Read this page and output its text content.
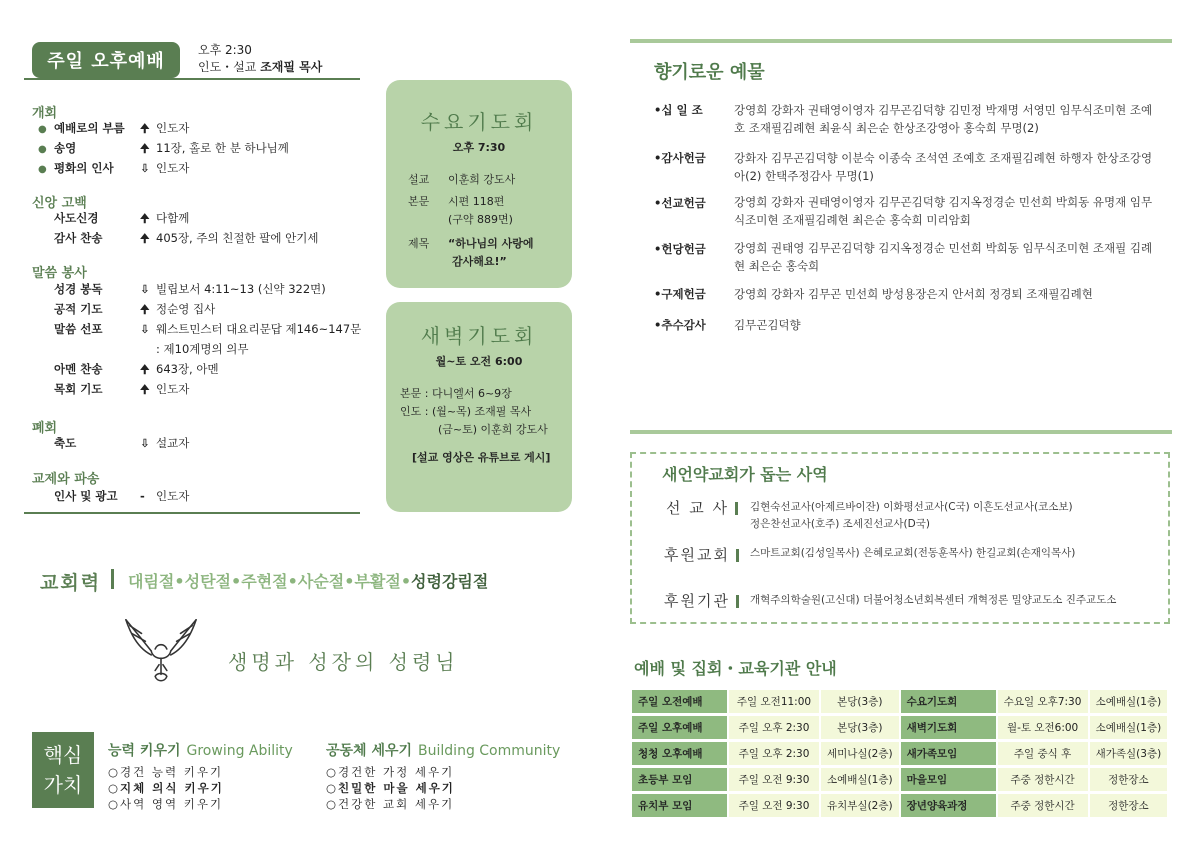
주일 오후예배
오후 2:30
인도・설교 조재필 목사
개회
● 예배로의 부름 🠉 인도자
● 송영	🠉 11장, 홀로 한 분 하나님께
● 평화의 인사 ⇩ 인도자
신앙 고백
사도신경	🠉 다함께
감사 찬송	🠉 405장, 주의 친절한 팔에 안기세
말씀 봉사
성경 봉독	⇩ 빌립보서 4:11~13 (신약 322면)
공적 기도	🠉 정순영 집사
말씀 선포	⇩ 웨스트민스터 대요리문답 제146~147문
: 제10계명의 의무
아멘 찬송	🠉 643장, 아멘
목회 기도	🠉 인도자
폐회
축도	⇩ 설교자
교제와 파송
인사 및 광고 - 인도자
수요기도회
오후 7:30
설교 이훈희 강도사
본문 시편 118편
(구약 889면)
제목 “하나님의 사랑에
감사해요!”
새벽기도회
월~토 오전 6:00
본문 : 다니엘서 6~9장
인도 : (월~목) 조재필 목사
(금~토) 이훈희 강도사
[설교 영상은 유튜브로 게시]
교회력 대림절•성탄절•주현절•사순절•부활절•성령강림절
생명과 성장의 성령님
핵심
가치
능력 키우기 Growing Ability
○경건 능력 키우기
○지체 의식 키우기
○사역 영역 키우기
공동체 세우기 Building Community
○경건한 가정 세우기
○친밀한 마을 세우기
○건강한 교회 세우기
향기로운 예물
•십 일 조	강영희 강화자 권태영이영자 김무곤김덕향 김민정 박재명 서영민 임무식조미현 조예호 조재필김례현 최윤식 최은순 한상조강영아 홍숙희 무명(2)
•감사헌금 강화자 김무곤김덕향 이분숙 이종숙 조석연 조예호 조재필김례현 하행자 한상조강영아(2) 한택주정감사 무명(1)
•선교헌금 강영희 강화자 권태영이영자 김무곤김덕향 김지옥정경순 민선희 박희동 유명재 임무식조미현 조재필김례현 최은순 홍숙희 미리암회
•헌당헌금 강영희 권태영 김무곤김덕향 김지옥정경순 민선희 박희동 임무식조미현 조재필 김례현 최은순 홍숙희
•구제헌금 강영희 강화자 김무곤 민선희 방성용장은지 안서희 정경퇴 조재필김례현
•추수감사 김무곤김덕향
새언약교회가 돕는 사역
선 교 사	김현숙선교사(아제르바이잔) 이화평선교사(C국) 이흔도선교사(코소보)
정은찬선교사(호주) 조세진선교사(D국)
후원교회	스마트교회(김성일목사) 은혜로교회(전동훈목사) 한길교회(손재익목사)
후원기관	개혁주의학술원(고신대) 더불어청소년회복센터 개혁정론 밀양교도소 진주교도소
예배 및 집회・교육기관 안내
주일 오전예배	주일 오전11:00	본당(3층)	수요기도회	수요일 오후7:30	소예배실(1층)
주일 오후예배	주일 오후 2:30	본당(3층)	새벽기도회	월-토 오전6:00	소예배실(1층)
청청 오후예배	주일 오후 2:30	세미나실(2층)	새가족모임	주일 중식 후	새가족실(3층)
초등부 모임	주일 오전 9:30	소예배실(1층)	마을모임	주중 정한시간	정한장소
유치부 모임	주일 오전 9:30	유치부실(2층)	장년양육과정	주중 정한시간	정한장소
